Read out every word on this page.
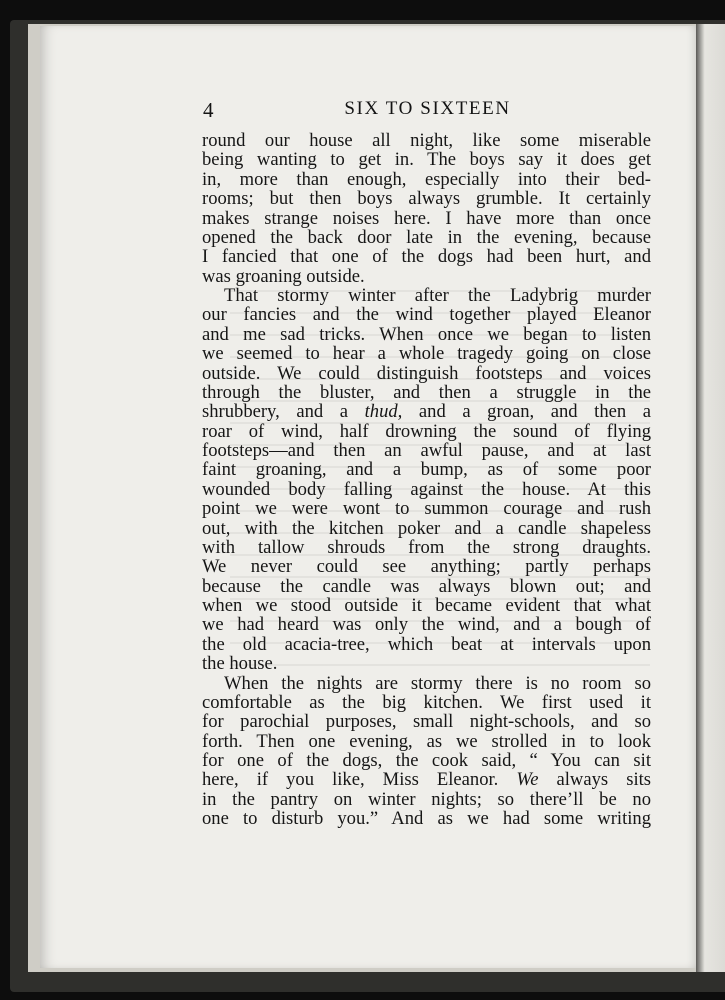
4	SIX TO SIXTEEN
round our house all night, like some miserable
being wanting to get in. The boys say it does get
in, more than enough, especially into their bed-
rooms; but then boys always grumble. It certainly
makes strange noises here. I have more than once
opened the back door late in the evening, because
I fancied that one of the dogs had been hurt, and
was groaning outside.
That stormy winter after the Ladybrig murder
our fancies and the wind together played Eleanor
and me sad tricks. When once we began to listen
we seemed to hear a whole tragedy going on close
outside. We could distinguish footsteps and voices
through the bluster, and then a struggle in the
shrubbery, and a thud, and a groan, and then a
roar of wind, half drowning the sound of flying
footsteps—and then an awful pause, and at last
faint groaning, and a bump, as of some poor
wounded body falling against the house. At this
point we were wont to summon courage and rush
out, with the kitchen poker and a candle shapeless
with tallow shrouds from the strong draughts.
We never could see anything; partly perhaps
because the candle was always blown out; and
when we stood outside it became evident that what
we had heard was only the wind, and a bough of
the old acacia-tree, which beat at intervals upon
the house.
When the nights are stormy there is no room so
comfortable as the big kitchen. We first used it
for parochial purposes, small night-schools, and so
forth. Then one evening, as we strolled in to look
for one of the dogs, the cook said, “ You can sit
here, if you like, Miss Eleanor. We always sits
in the pantry on winter nights; so there’ll be no
one to disturb you.” And as we had some writing
